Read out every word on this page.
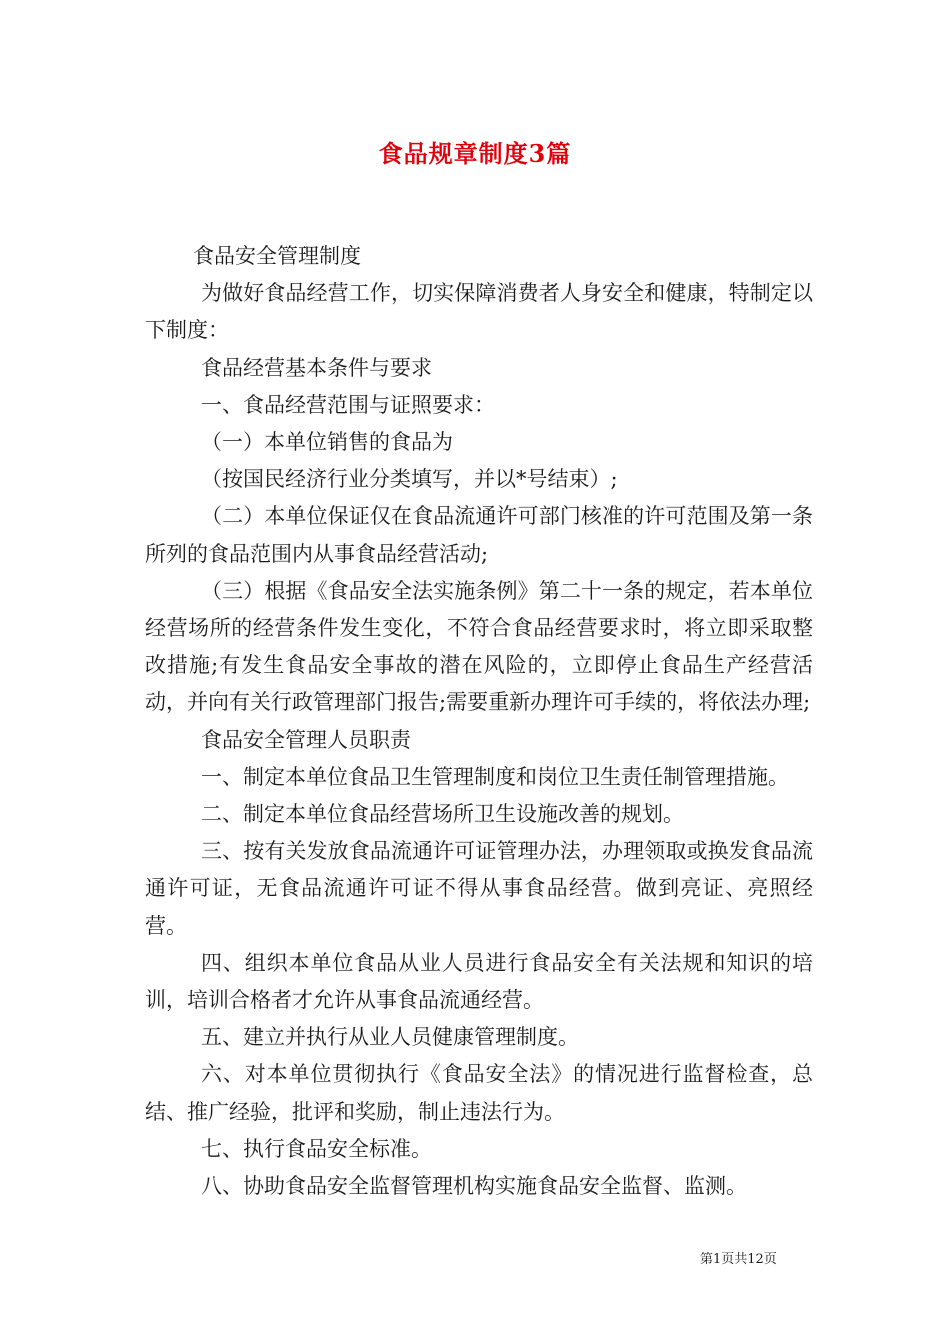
食品规章制度3篇

食品安全管理制度

为做好食品经营工作，切实保障消费者人身安全和健康，特制定以下制度：

食品经营基本条件与要求

一、食品经营范围与证照要求：

（一）本单位销售的食品为

（按国民经济行业分类填写，并以*号结束）;

（二）本单位保证仅在食品流通许可部门核准的许可范围及第一条所列的食品范围内从事食品经营活动;

（三）根据《食品安全法实施条例》第二十一条的规定，若本单位经营场所的经营条件发生变化，不符合食品经营要求时，将立即采取整改措施;有发生食品安全事故的潜在风险的，立即停止食品生产经营活动，并向有关行政管理部门报告;需要重新办理许可手续的，将依法办理;

食品安全管理人员职责

一、制定本单位食品卫生管理制度和岗位卫生责任制管理措施。

二、制定本单位食品经营场所卫生设施改善的规划。

三、按有关发放食品流通许可证管理办法，办理领取或换发食品流通许可证，无食品流通许可证不得从事食品经营。做到亮证、亮照经营。

四、组织本单位食品从业人员进行食品安全有关法规和知识的培训，培训合格者才允许从事食品流通经营。

五、建立并执行从业人员健康管理制度。

六、对本单位贯彻执行《食品安全法》的情况进行监督检查，总结、推广经验，批评和奖励，制止违法行为。

七、执行食品安全标准。

八、协助食品安全监督管理机构实施食品安全监督、监测。

第1页共12页
